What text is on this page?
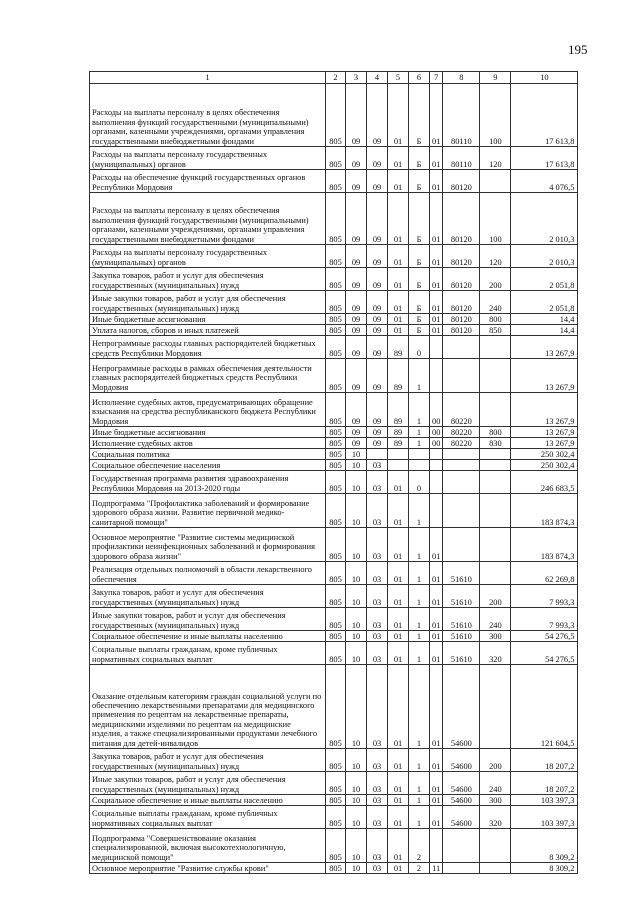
195
1	2	3	4	5	6	7	8	9	10
Расходы на выплаты персоналу в целях обеспечения выполнения функций государственными (муниципальными) органами, казенными учреждениями, органами управления государственными внебюджетными фондами	805	09	09	01	Б	01	80110	100	17 613,8
Расходы на выплаты персоналу государственных (муниципальных) органов	805	09	09	01	Б	01	80110	120	17 613,8
Расходы на обеспечение функций государственных органов Республики Мордовия	805	09	09	01	Б	01	80120		4 076,5
Расходы на выплаты персоналу в целях обеспечения выполнения функций государственными (муниципальными) органами, казенными учреждениями, органами управления государственными внебюджетными фондами	805	09	09	01	Б	01	80120	100	2 010,3
Расходы на выплаты персоналу государственных (муниципальных) органов	805	09	09	01	Б	01	80120	120	2 010,3
Закупка товаров, работ и услуг для обеспечения государственных (муниципальных) нужд	805	09	09	01	Б	01	80120	200	2 051,8
Иные закупки товаров, работ и услуг для обеспечения государственных (муниципальных) нужд	805	09	09	01	Б	01	80120	240	2 051,8
Иные бюджетные ассигнования	805	09	09	01	Б	01	80120	800	14,4
Уплата налогов, сборов и иных платежей	805	09	09	01	Б	01	80120	850	14,4
Непрограммные расходы главных распорядителей бюджетных средств Республики Мордовия	805	09	09	89	0				13 267,9
Непрограммные расходы в рамках обеспечения деятельности главных распорядителей бюджетных средств Республики Мордовия	805	09	09	89	1				13 267,9
Исполнение судебных актов, предусматривающих обращение взыскания на средства республиканского бюджета Республики Мордовия	805	09	09	89	1	00	80220		13 267,9
Иные бюджетные ассигнования	805	09	09	89	1	00	80220	800	13 267,9
Исполнение судебных актов	805	09	09	89	1	00	80220	830	13 267,9
Социальная политика	805	10							250 302,4
Социальное обеспечение населения	805	10	03						250 302,4
Государственная программа развития здравоохранения Республики Мордовия на 2013-2020 годы	805	10	03	01	0				246 683,5
Подпрограмма "Профилактика заболеваний и формирование здорового образа жизни. Развитие первичной медико-санитарной помощи"	805	10	03	01	1				183 874,3
Основное мероприятие "Развитие системы медицинской профилактики неинфекционных заболеваний и формирования здорового образа жизни"	805	10	03	01	1	01			183 874,3
Реализация отдельных полномочий в области лекарственного обеспечения	805	10	03	01	1	01	51610		62 269,8
Закупка товаров, работ и услуг для обеспечения государственных (муниципальных) нужд	805	10	03	01	1	01	51610	200	7 993,3
Иные закупки товаров, работ и услуг для обеспечения государственных (муниципальных) нужд	805	10	03	01	1	01	51610	240	7 993,3
Социальное обеспечение и иные выплаты населению	805	10	03	01	1	01	51610	300	54 276,5
Социальные выплаты гражданам, кроме публичных нормативных социальных выплат	805	10	03	01	1	01	51610	320	54 276,5
Оказание отдельным категориям граждан социальной услуги по обеспечению лекарственными препаратами для медицинского применения по рецептам на лекарственные препараты, медицинскими изделиями по рецептам на медицинские изделия, а также специализированными продуктами лечебного питания для детей-инвалидов	805	10	03	01	1	01	54600		121 604,5
Закупка товаров, работ и услуг для обеспечения государственных (муниципальных) нужд	805	10	03	01	1	01	54600	200	18 207,2
Иные закупки товаров, работ и услуг для обеспечения государственных (муниципальных) нужд	805	10	03	01	1	01	54600	240	18 207,2
Социальное обеспечение и иные выплаты населению	805	10	03	01	1	01	54600	300	103 397,3
Социальные выплаты гражданам, кроме публичных нормативных социальных выплат	805	10	03	01	1	01	54600	320	103 397,3
Подпрограмма "Совершенствование оказания специализированной, включая высокотехнологичную, медицинской помощи"	805	10	03	01	2				8 309,2
Основное мероприятие "Развитие службы крови"	805	10	03	01	2	11			8 309,2
